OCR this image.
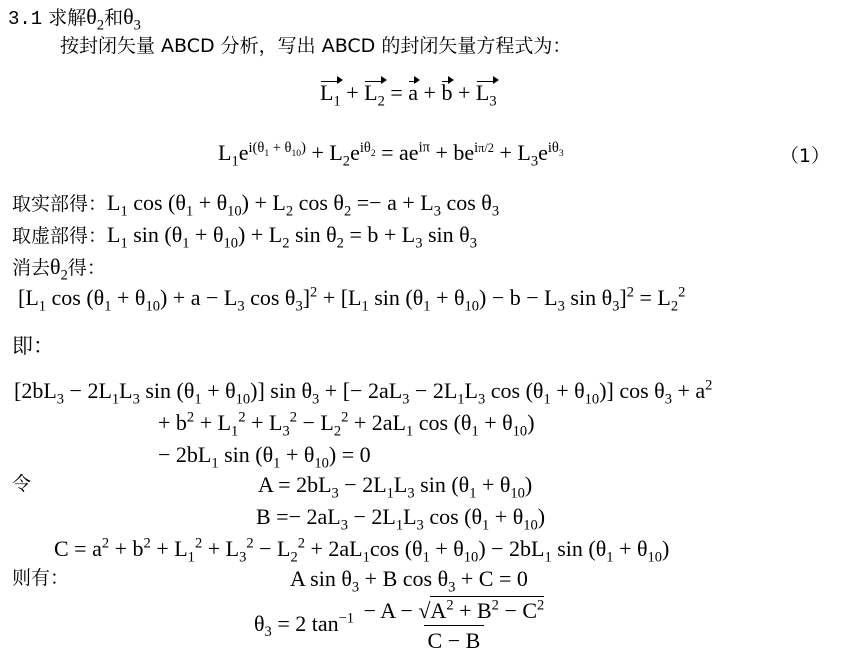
3.1 求解$\theta_2$和$\theta_3$
按封闭矢量 ABCD 分析，写出 ABCD 的封闭矢量方程式为：
$L_1 + L_2 = a + b + L_3$
$L_1e^{i(\theta_1 + \theta_{10})} + L_2e^{i\theta_2} = ae^{i\pi} + be^{i\pi/2} + L_3e^{i\theta_3}$	（1）
取实部得：$L_1$ $\cos (\theta_1 + \theta_{10}) + L_2$ $\cos \theta_2 =- a + L_3$ $\cos \theta_3$
取虚部得：$L_1$ $\sin (\theta_1 + \theta_{10}) + L_2$ $\sin \theta_2 = b + L_3$ $\sin \theta_3$
消去$\theta_2$得：
[$L_1$ $\cos (\theta_1 + \theta_{10}) + a - L_3$ $\cos \theta_3]^2 + [L_1$ $\sin (\theta_1 + \theta_{10}) - b - L_3$ $\sin \theta_3]^2 = L_2^2$
即：
[$2bL_3 - 2L_1L_3$ $\sin (\theta_1 + \theta_{10})$] $\sin \theta_3$ + [− $2aL_3 - 2L_1L_3$ $\cos (\theta_1 + \theta_{10})$] $\cos \theta_3 + a^2$
+ $b^2 + L_1^2 + L_3^2 - L_2^2 + 2aL_1$ $\cos (\theta_1 + \theta_{10})$
− $2bL_1$ $\sin (\theta_1 + \theta_{10}) = 0$
令	$A = 2bL_3 - 2L_1L_3$ $\sin (\theta_1 + \theta_{10})$
$B =- 2aL_3 - 2L_1L_3$ $\cos (\theta_1 + \theta_{10})$
$C = a^2 + b^2 + L_1^2 + L_3^2 - L_2^2 + 2aL_1\cos$ $(\theta_1 + \theta_{10}) - 2bL_1$ $\sin (\theta_1 + \theta_{10})$
则有：	A $\sin \theta_3 + B$ $\cos \theta_3 + C = 0$
$\theta_3 = 2$ $\tan^{-1} \frac{- A - √A^2 + B^2 - C^2}{C - B}$
